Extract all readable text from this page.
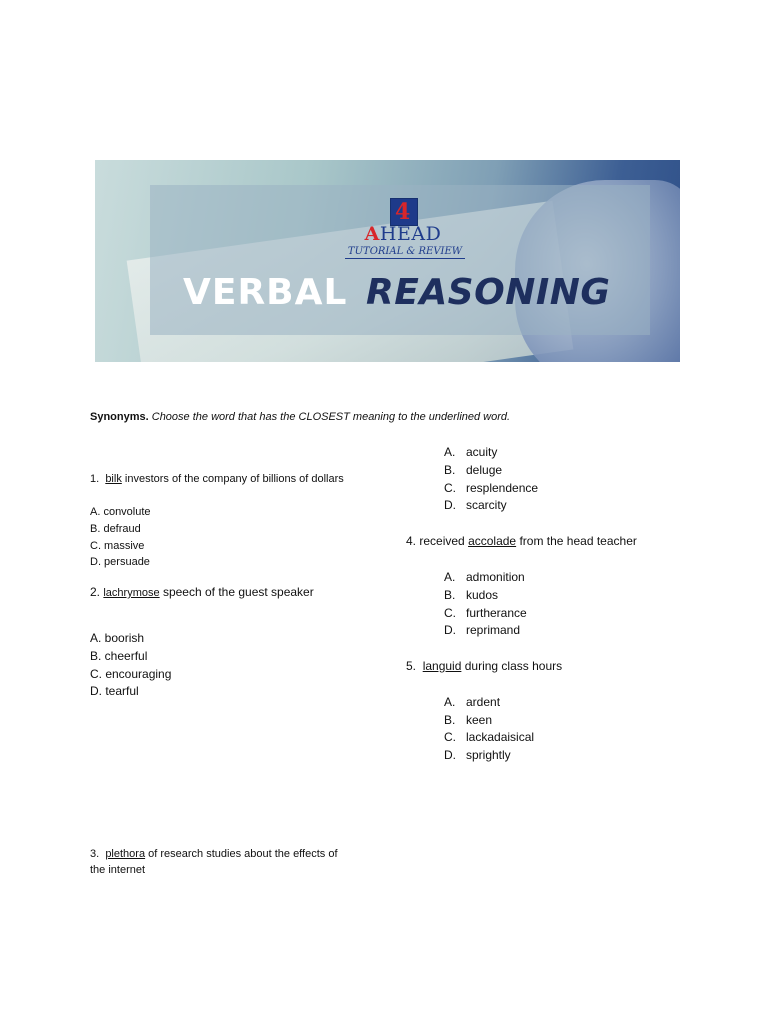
4
AHEAD
TUTORIAL & REVIEW
VERBAL REASONING
Synonyms. Choose the word that has the CLOSEST meaning to the underlined word.
1. bilk investors of the company of billions of dollars
A. convolute
B. defraud
C. massive
D. persuade
2. lachrymose speech of the guest speaker
A. boorish
B. cheerful
C. encouraging
D. tearful
3. plethora of research studies about the effects of
the internet
A. acuity
B. deluge
C. resplendence
D. scarcity
4. received accolade from the head teacher
A. admonition
B. kudos
C. furtherance
D. reprimand
5. languid during class hours
A. ardent
B. keen
C. lackadaisical
D. sprightly
